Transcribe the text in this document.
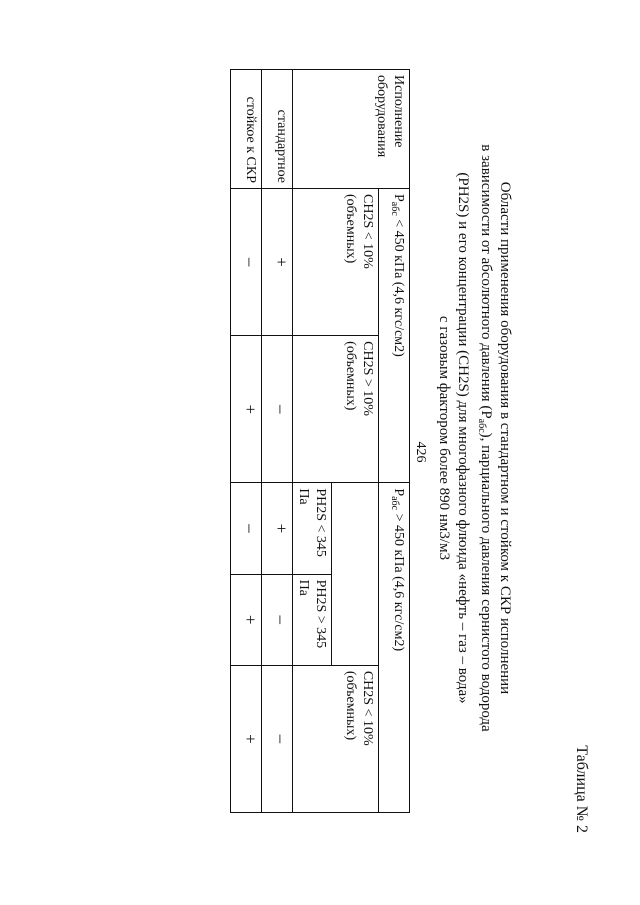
426
Таблица № 2
Области применения оборудования в стандартном и стойком к СКР исполнении
в зависимости от абсолютного давления $(Р_{абс})$, парциального давления сернистого водорода
(РН2S) и его концентрации (СН2S) для многофазного флюида «нефть – газ – вода»
с газовым фактором более 890 нм3/м3
Исполнение оборудования	$Р_{абс} < 450$ кПа (4,6 кгс/см2)		$Р_{абс} > 450$ кПа (4,6 кгс/см2)		
	СН2S < 10% (объемных)	СН2S > 10% (объемных)			СН2S < 10% (объемных)
			РН2S < 345 Па	РН2S > 345 Па	
стандартное	+	–	+	–	–
стойкое к СКР	–	+	–	+	+
